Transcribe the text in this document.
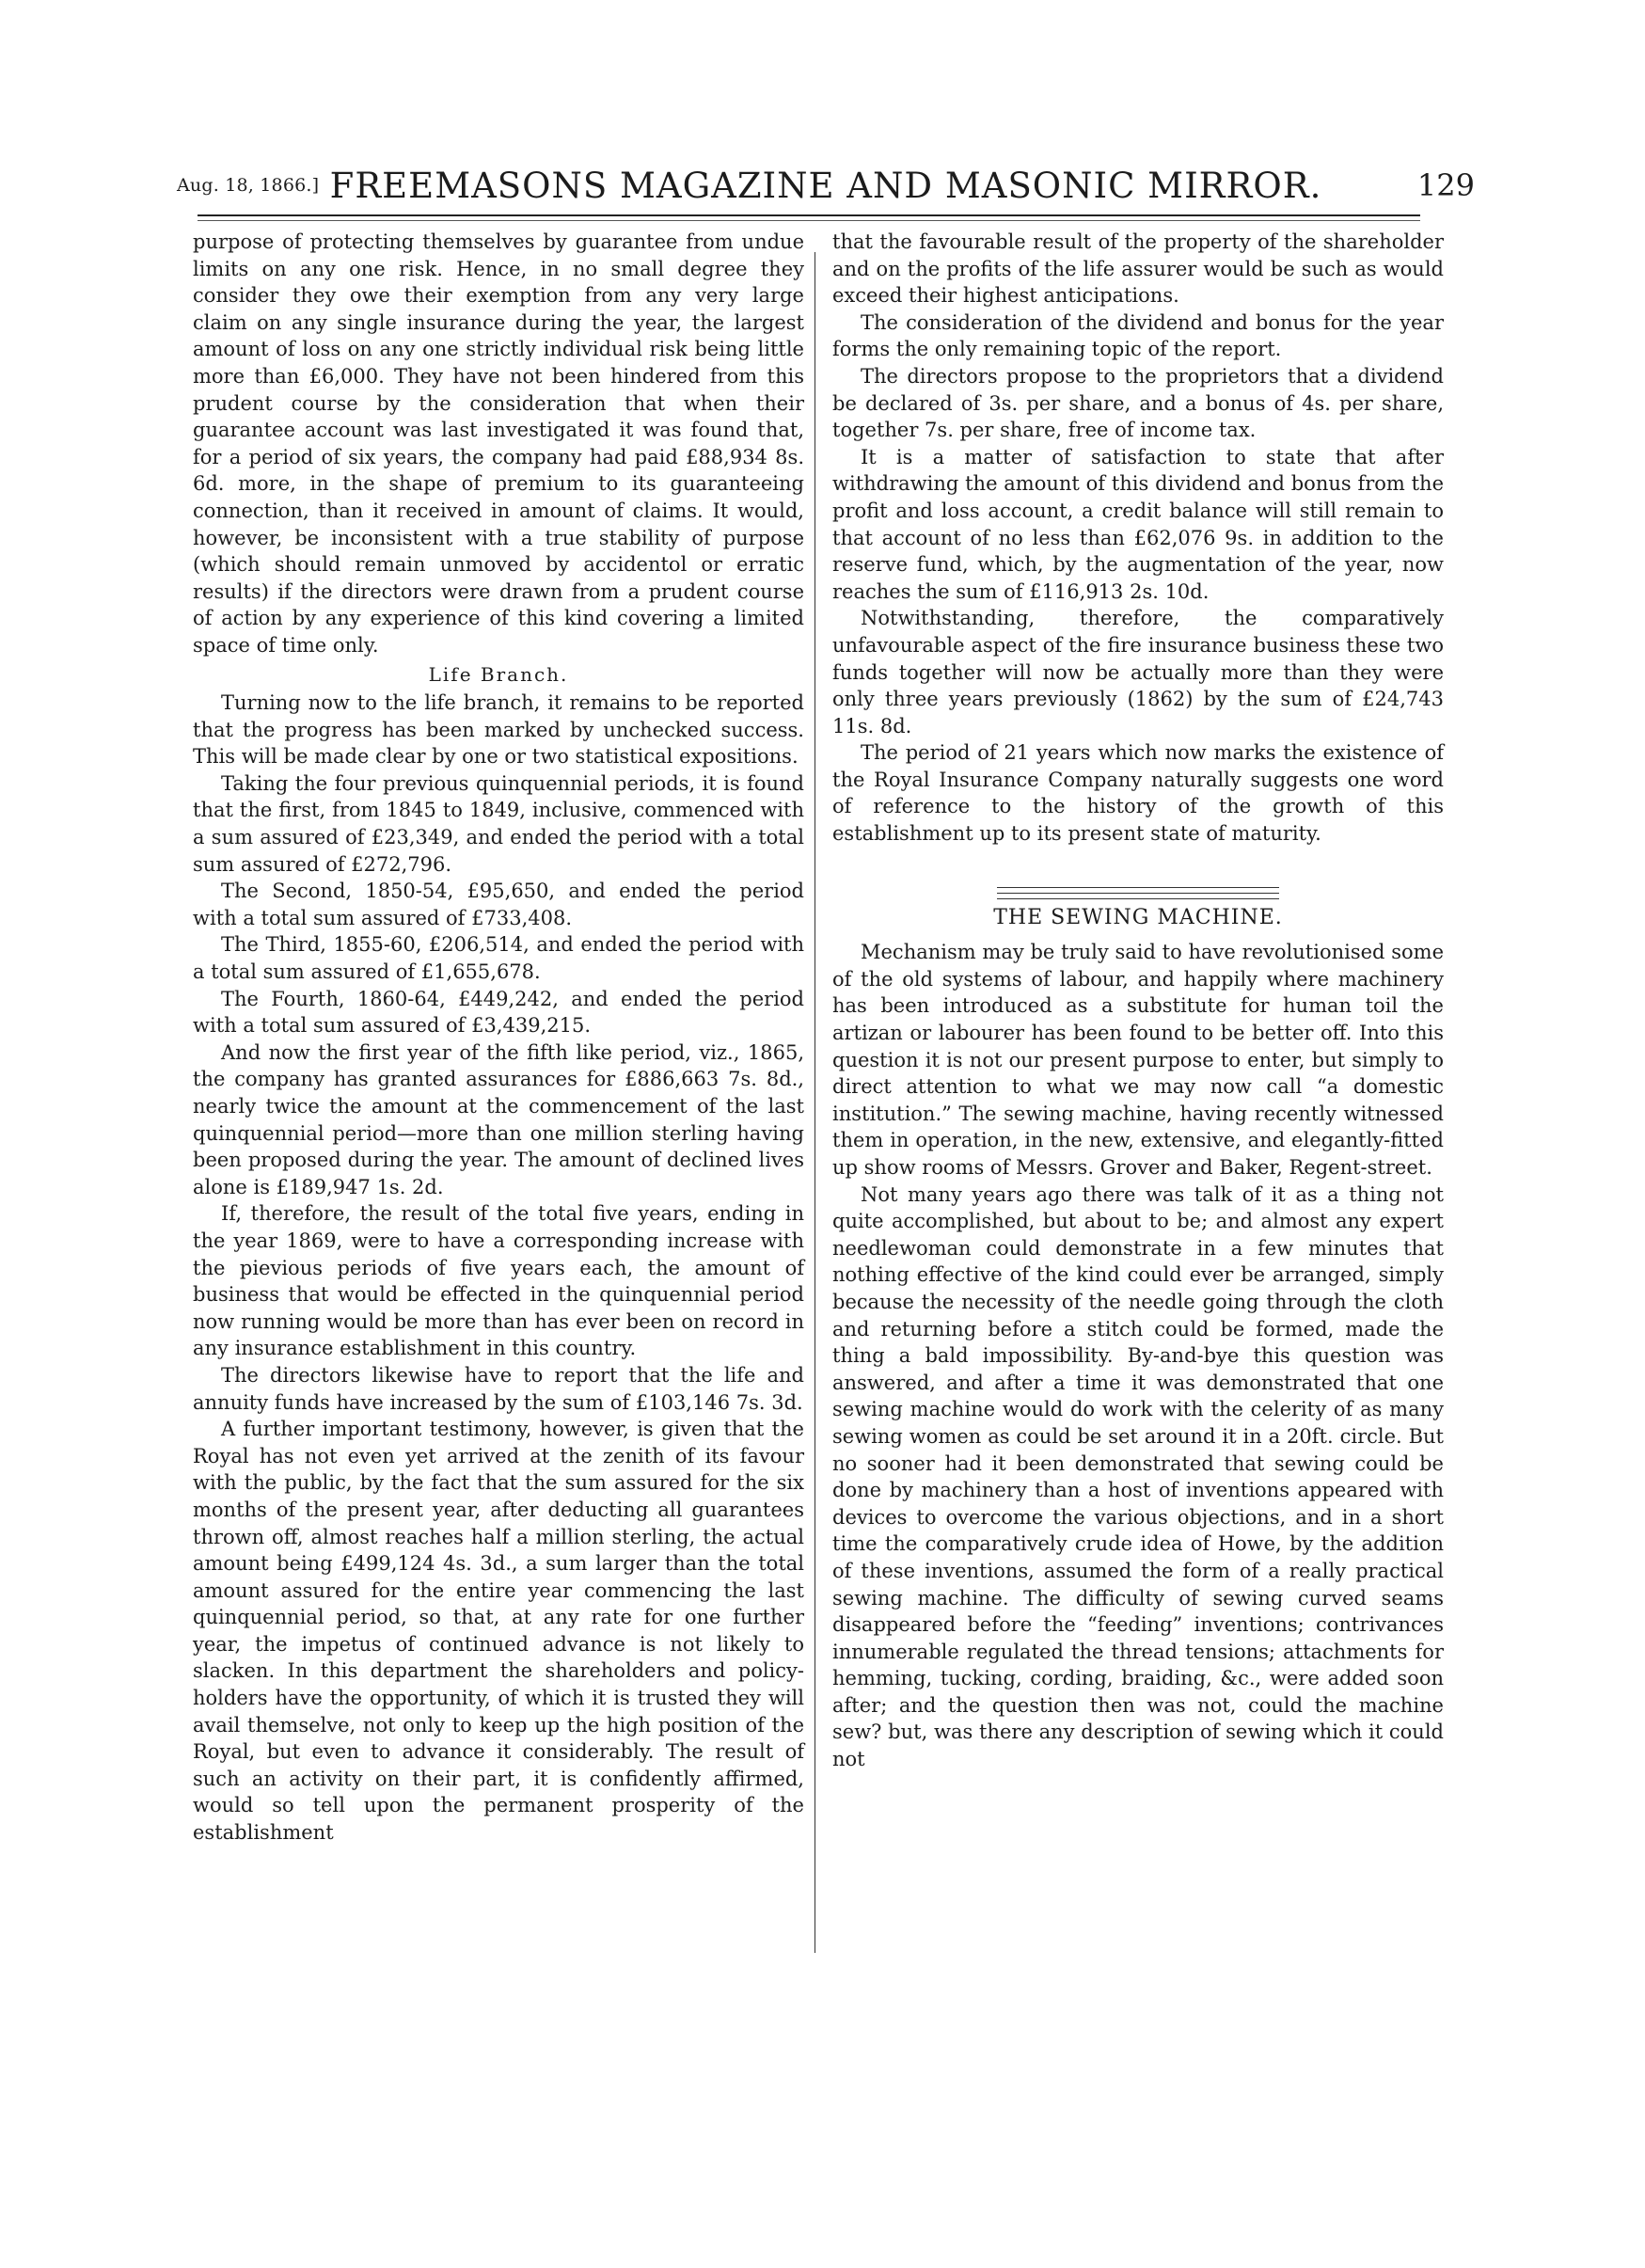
Aug. 18, 1866.] FREEMASONS MAGAZINE AND MASONIC MIRROR.	129

purpose of protecting themselves by guarantee from undue limits on any one risk. Hence, in no small degree they consider they owe their exemption from any very large claim on any single insurance during the year, the largest amount of loss on any one strictly individual risk being little more than £6,000. They have not been hindered from this prudent course by the consideration that when their guarantee account was last investigated it was found that, for a period of six years, the company had paid £88,934 8s. 6d. more, in the shape of premium to its guaranteeing connection, than it received in amount of claims. It would, however, be inconsistent with a true stability of purpose (which should remain unmoved by accidentol or erratic results) if the directors were drawn from a prudent course of action by any experience of this kind covering a limited space of time only.

Life Branch.

Turning now to the life branch, it remains to be reported that the progress has been marked by unchecked success. This will be made clear by one or two statistical expositions.

Taking the four previous quinquennial periods, it is found that the first, from 1845 to 1849, inclusive, commenced with a sum assured of £23,349, and ended the period with a total sum assured of £272,796.

The Second, 1850-54, £95,650, and ended the period with a total sum assured of £733,408.

The Third, 1855-60, £206,514, and ended the period with a total sum assured of £1,655,678.

The Fourth, 1860-64, £449,242, and ended the period with a total sum assured of £3,439,215.

And now the first year of the fifth like period, viz., 1865, the company has granted assurances for £886,663 7s. 8d., nearly twice the amount at the commencement of the last quinquennial period—more than one million sterling having been proposed during the year. The amount of declined lives alone is £189,947 1s. 2d.

If, therefore, the result of the total five years, ending in the year 1869, were to have a corresponding increase with the pievious periods of five years each, the amount of business that would be effected in the quinquennial period now running would be more than has ever been on record in any insurance establishment in this country.

The directors likewise have to report that the life and annuity funds have increased by the sum of £103,146 7s. 3d.

A further important testimony, however, is given that the Royal has not even yet arrived at the zenith of its favour with the public, by the fact that the sum assured for the six months of the present year, after deducting all guarantees thrown off, almost reaches half a million sterling, the actual amount being £499,124 4s. 3d., a sum larger than the total amount assured for the entire year commencing the last quinquennial period, so that, at any rate for one further year, the impetus of continued advance is not likely to slacken. In this department the shareholders and policy-holders have the opportunity, of which it is trusted they will avail themselve, not only to keep up the high position of the Royal, but even to advance it considerably. The result of such an activity on their part, it is confidently affirmed, would so tell upon the permanent prosperity of the establishment

that the favourable result of the property of the shareholder and on the profits of the life assurer would be such as would exceed their highest anticipations.

The consideration of the dividend and bonus for the year forms the only remaining topic of the report.

The directors propose to the proprietors that a dividend be declared of 3s. per share, and a bonus of 4s. per share, together 7s. per share, free of income tax.

It is a matter of satisfaction to state that after withdrawing the amount of this dividend and bonus from the profit and loss account, a credit balance will still remain to that account of no less than £62,076 9s. in addition to the reserve fund, which, by the augmentation of the year, now reaches the sum of £116,913 2s. 10d.

Notwithstanding, therefore, the comparatively unfavourable aspect of the fire insurance business these two funds together will now be actually more than they were only three years previously (1862) by the sum of £24,743 11s. 8d.

The period of 21 years which now marks the existence of the Royal Insurance Company naturally suggests one word of reference to the history of the growth of this establishment up to its present state of maturity.

THE SEWING MACHINE.

Mechanism may be truly said to have revolutionised some of the old systems of labour, and happily where machinery has been introduced as a substitute for human toil the artizan or labourer has been found to be better off. Into this question it is not our present purpose to enter, but simply to direct attention to what we may now call “a domestic institution.” The sewing machine, having recently witnessed them in operation, in the new, extensive, and elegantly-fitted up show rooms of Messrs. Grover and Baker, Regent-street.

Not many years ago there was talk of it as a thing not quite accomplished, but about to be; and almost any expert needlewoman could demonstrate in a few minutes that nothing effective of the kind could ever be arranged, simply because the necessity of the needle going through the cloth and returning before a stitch could be formed, made the thing a bald impossibility. By-and-bye this question was answered, and after a time it was demonstrated that one sewing machine would do work with the celerity of as many sewing women as could be set around it in a 20ft. circle. But no sooner had it been demonstrated that sewing could be done by machinery than a host of inventions appeared with devices to overcome the various objections, and in a short time the comparatively crude idea of Howe, by the addition of these inventions, assumed the form of a really practical sewing machine. The difficulty of sewing curved seams disappeared before the “feeding” inventions; contrivances innumerable regulated the thread tensions; attachments for hemming, tucking, cording, braiding, &c., were added soon after; and the question then was not, could the machine sew? but, was there any description of sewing which it could not
